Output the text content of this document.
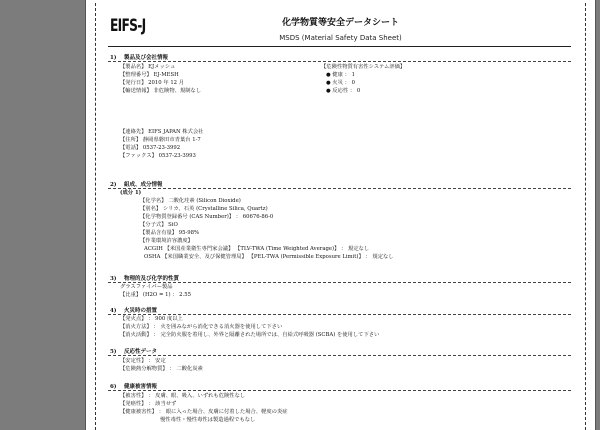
EIFS-J	化学物質等安全データシート
MSDS (Material Safety Data Sheet)
1) 製品及び会社情報
【製品名】 EJメッシュ
【整理番号】 EJ-MESH
【発行日】 2010 年 12 月
【輸送情報】 非危険物、規制なし
【危険性物質有害性システム評価】
● 健康 ： 1
● 火災 ： 0
● 反応性 ： 0
【連絡先】 EIFS JAPAN 株式会社
【住所】 静岡県磐田市青葉台 1-7
【電話】 0537-23-3992
【ファックス】 0537-23-3993
2) 組成、成分情報
(成分 1)
【化学名】 二酸化珪素 (Silicon Dioxide)
【別名】 シリカ、石英 (Crystalline Silica, Quartz)
【化学物質登録番号 (CAS Number)】 ： 60676-86-0
【分子式】 SiO
【製品含有量】 95-98%
【作業環境許容濃度】
ACGIH 【米国産業衛生専門家会議】 【TLV-TWA (Time Weighted Average)】 ： 規定なし
OSHA 【米国職業安全、及び保健管理局】 【PEL-TWA (Permissible Exposure Limit)】 ： 規定なし
3) 物理的及び化学的性質
グラスファイバー製品
【比重】 (H2O = 1) ： 2.55
4) 火災時の措置
【発火点】 ： 900 度以上
【消火方法】 ： 火を囲みながら消化できる消火器を使用して下さい
【消火活動】 ： 完全防火服を着用し、外界と隔離された場所では、自給式呼吸器 (SCBA) を使用して下さい
5) 反応性データ
【安定性】 ： 安定
【危険熱分解物質】 ： 二酸化炭素
6) 健康被害情報
【被害性】 ： 皮膚、眼、吸入、いずれも危険性なし
【発癌性】 ： 該当せず
【健康被害性】 ： 眼に入った場合、皮膚に付着した場合、軽度の炎症
慢性毒性・慢性毒性は製造過程でもなし
